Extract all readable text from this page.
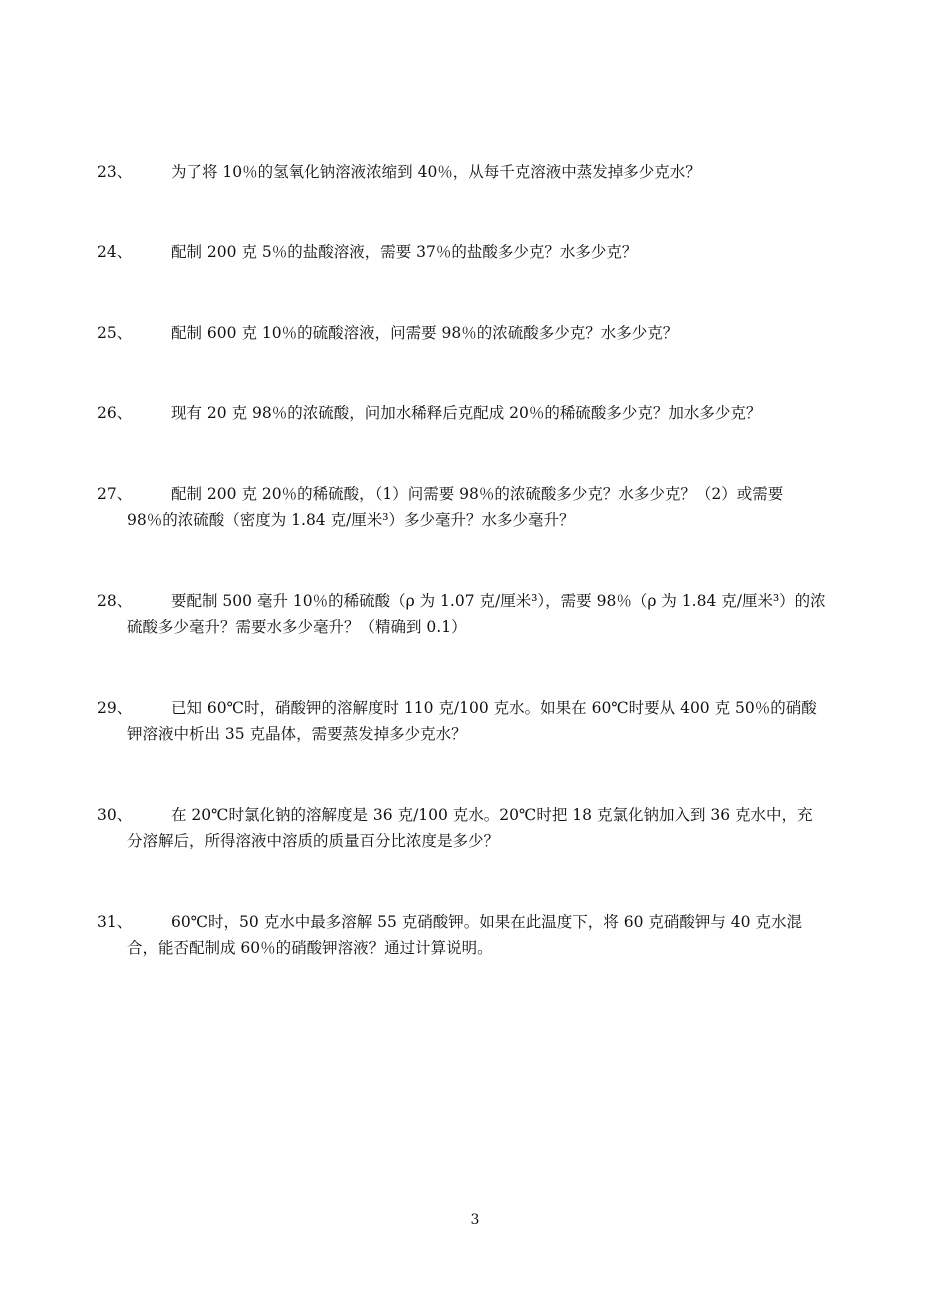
23、	为了将 10％的氢氧化钠溶液浓缩到 40％，从每千克溶液中蒸发掉多少克水？
24、	配制 200 克 5％的盐酸溶液，需要 37％的盐酸多少克？水多少克？
25、	配制 600 克 10％的硫酸溶液，问需要 98％的浓硫酸多少克？水多少克？
26、	现有 20 克 98％的浓硫酸，问加水稀释后克配成 20％的稀硫酸多少克？加水多少克？
27、	配制 200 克 20％的稀硫酸，（1）问需要 98％的浓硫酸多少克？水多少克？（2）或需要
98％的浓硫酸（密度为 1.84 克/厘米³）多少毫升？水多少毫升？
28、	要配制 500 毫升 10％的稀硫酸（ρ 为 1.07 克/厘米³），需要 98％（ρ 为 1.84 克/厘米³）的浓
硫酸多少毫升？需要水多少毫升？（精确到 0.1）
29、	已知 60℃时，硝酸钾的溶解度时 110 克/100 克水。如果在 60℃时要从 400 克 50％的硝酸
钾溶液中析出 35 克晶体，需要蒸发掉多少克水？
30、	在 20℃时氯化钠的溶解度是 36 克/100 克水。20℃时把 18 克氯化钠加入到 36 克水中，充
分溶解后，所得溶液中溶质的质量百分比浓度是多少？
31、	60℃时，50 克水中最多溶解 55 克硝酸钾。如果在此温度下，将 60 克硝酸钾与 40 克水混
合，能否配制成 60％的硝酸钾溶液？通过计算说明。
3
